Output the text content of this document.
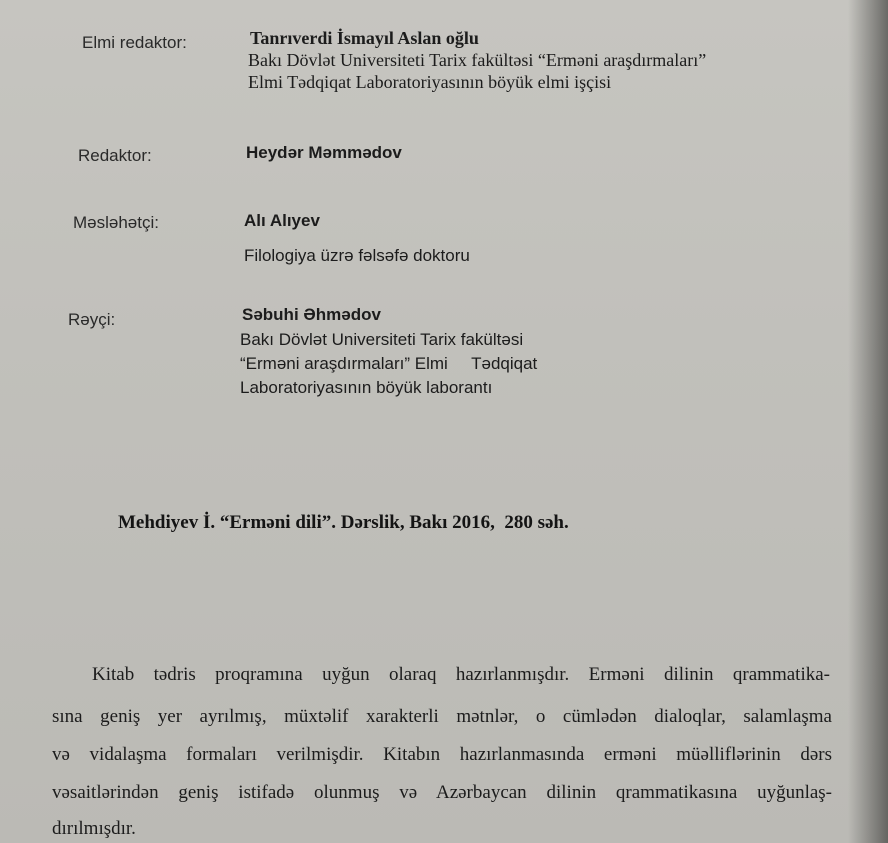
Elmi redaktor:	Tanrıverdi İsmayıl Aslan oğlu
Bakı Dövlət Universiteti Tarix fakültəsi “Erməni araşdırmaları”
Elmi Tədqiqat Laboratoriyasının böyük elmi işçisi
Redaktor:	Heydər Məmmədov
Məsləhətçi:	Alı Alıyev
Filologiya üzrə fəlsəfə doktoru
Rəyçi:	Səbuhi Əhmədov
Bakı Dövlət Universiteti Tarix fakültəsi
“Erməni araşdırmaları” Elmi     Tədqiqat
Laboratoriyasının böyük laborantı
Mehdiyev İ. “Erməni dili”. Dərslik, Bakı 2016,  280 səh.
Kitab tədris proqramına uyğun olaraq hazırlanmışdır. Erməni dilinin qrammatika-
sına geniş yer ayrılmış, müxtəlif xarakterli mətnlər, o cümlədən dialoqlar, salamlaşma
və vidalaşma formaları verilmişdir. Kitabın hazırlanmasında erməni müəlliflərinin dərs
vəsaitlərindən geniş istifadə olunmuş və Azərbaycan dilinin qrammatikasına uyğunlaş-
dırılmışdır.
